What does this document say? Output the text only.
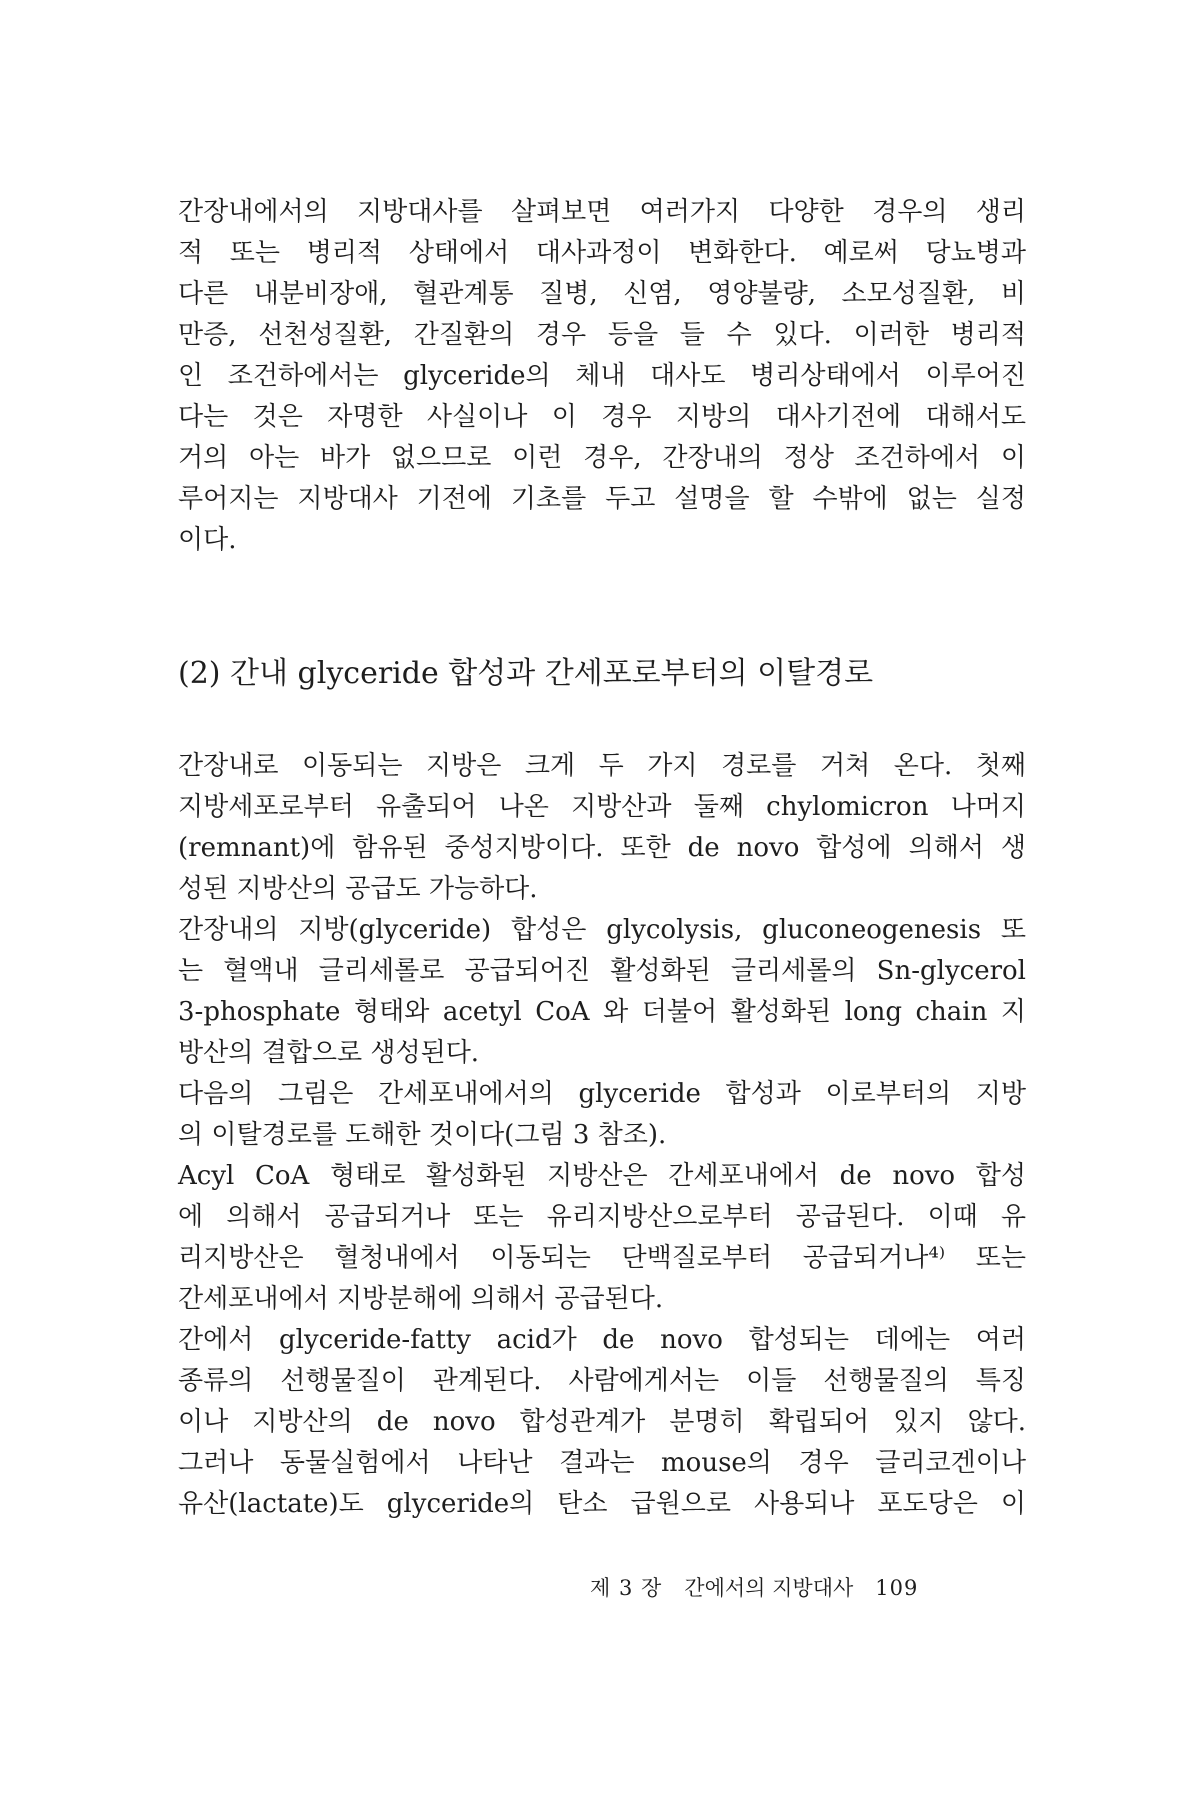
간장내에서의 지방대사를 살펴보면 여러가지 다양한 경우의 생리
적 또는 병리적 상태에서 대사과정이 변화한다. 예로써 당뇨병과
다른 내분비장애, 혈관계통 질병, 신염, 영양불량, 소모성질환, 비
만증, 선천성질환, 간질환의 경우 등을 들 수 있다. 이러한 병리적
인 조건하에서는 glyceride의 체내 대사도 병리상태에서 이루어진
다는 것은 자명한 사실이나 이 경우 지방의 대사기전에 대해서도
거의 아는 바가 없으므로 이런 경우, 간장내의 정상 조건하에서 이
루어지는 지방대사 기전에 기초를 두고 설명을 할 수밖에 없는 실정
이다.
(2) 간내 glyceride 합성과 간세포로부터의 이탈경로
간장내로 이동되는 지방은 크게 두 가지 경로를 거쳐 온다. 첫째
지방세포로부터 유출되어 나온 지방산과 둘째 chylomicron 나머지
(remnant)에 함유된 중성지방이다. 또한 de novo 합성에 의해서 생
성된 지방산의 공급도 가능하다.
간장내의 지방(glyceride) 합성은 glycolysis, gluconeogenesis 또
는 혈액내 글리세롤로 공급되어진 활성화된 글리세롤의 Sn-glycerol
3-phosphate 형태와 acetyl CoA 와 더불어 활성화된 long chain 지
방산의 결합으로 생성된다.
다음의 그림은 간세포내에서의 glyceride 합성과 이로부터의 지방
의 이탈경로를 도해한 것이다(그림 3 참조).
Acyl CoA 형태로 활성화된 지방산은 간세포내에서 de novo 합성
에 의해서 공급되거나 또는 유리지방산으로부터 공급된다. 이때 유
리지방산은 혈청내에서 이동되는 단백질로부터 공급되거나⁴⁾ 또는
간세포내에서 지방분해에 의해서 공급된다.
간에서 glyceride-fatty acid가 de novo 합성되는 데에는 여러
종류의 선행물질이 관계된다. 사람에게서는 이들 선행물질의 특징
이나 지방산의 de novo 합성관계가 분명히 확립되어 있지 않다.
그러나 동물실험에서 나타난 결과는 mouse의 경우 글리코겐이나
유산(lactate)도 glyceride의 탄소 급원으로 사용되나 포도당은 이
제 3 장 간에서의 지방대사 109
